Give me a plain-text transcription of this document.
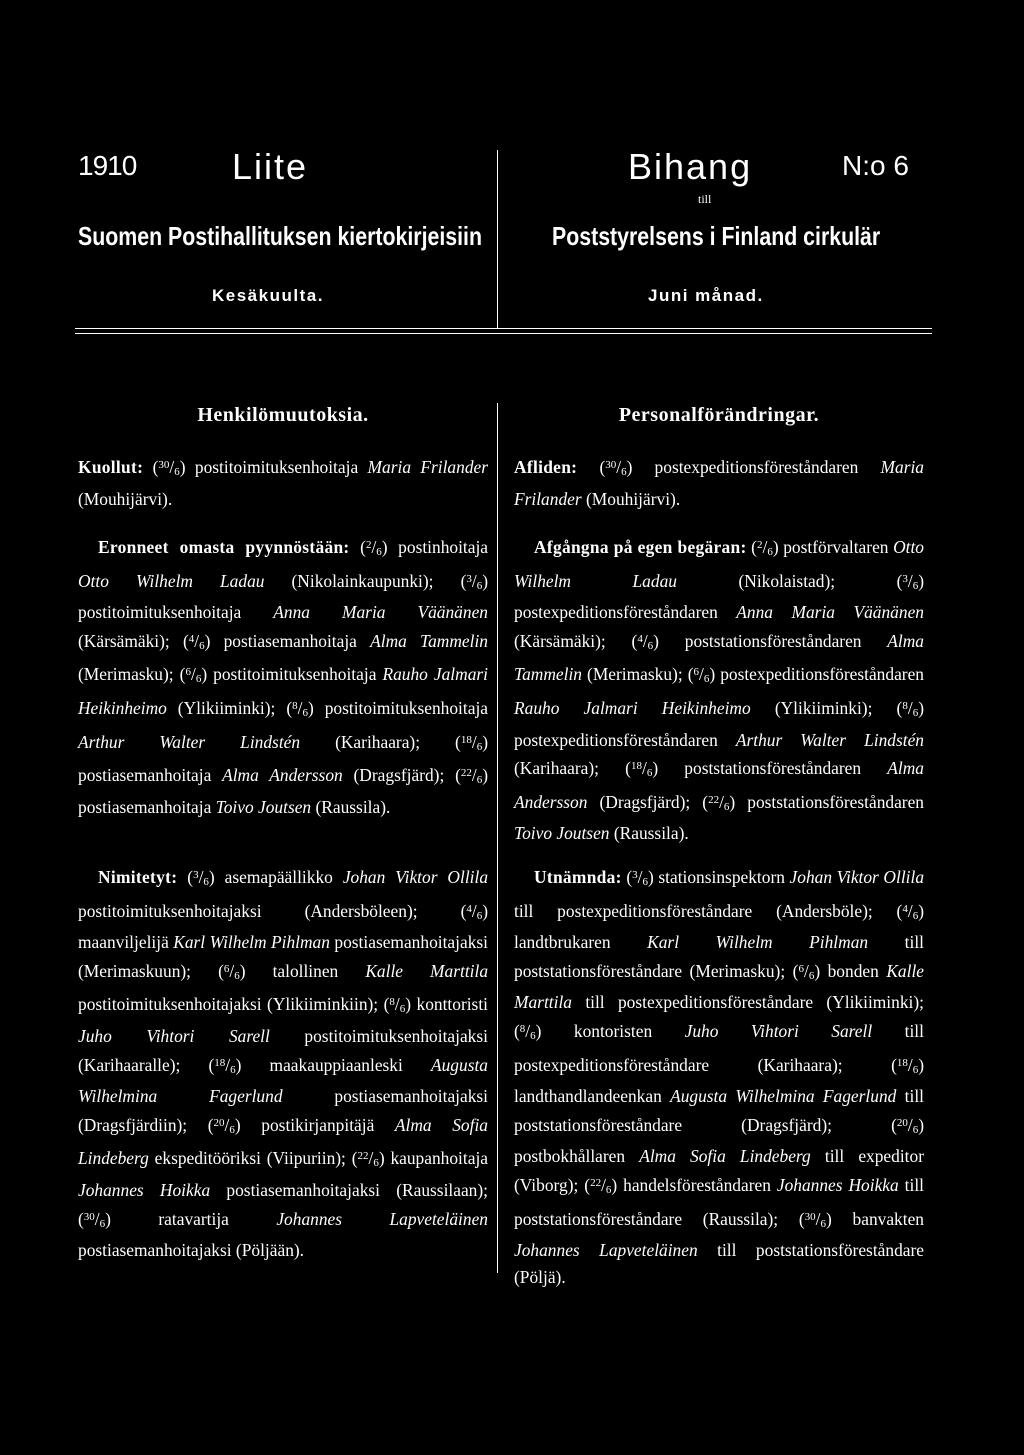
1910	Liite	Bihang	N:o 6
till
Suomen Postihallituksen kiertokirjeisiin	Poststyrelsens i Finland cirkulär
Kesäkuulta.	Juni månad.
Henkilömuutoksia.
Kuollut: ($^{30}$/6) postitoimituksenhoitaja Maria Frilander (Mouhijärvi).
Eronneet omasta pyynnöstään: ($^2$/6) postinhoitaja Otto Wilhelm Ladau (Nikolainkaupunki); ($^3$/6) postitoimituksenhoitaja Anna Maria Väänänen (Kärsämäki); ($^4$/6) postiasemanhoitaja Alma Tammelin (Merimasku); ($^6$/6) postitoimituksenhoitaja Rauho Jalmari Heikinheimo (Ylikiiminki); ($^8$/6) postitoimituksenhoitaja Arthur Walter Lindstén (Karihaara); ($^{18}$/6) postiasemanhoitaja Alma Andersson (Dragsfjärd); ($^{22}$/6) postiasemanhoitaja Toivo Joutsen (Raussila).
Nimitetyt: ($^3$/6) asemapäällikko Johan Viktor Ollila postitoimituksenhoitajaksi (Andersböleen); ($^4$/6) maanviljelijä Karl Wilhelm Pihlman postiasemanhoitajaksi (Merimaskuun); ($^6$/6) talollinen Kalle Marttila postitoimituksenhoitajaksi (Ylikiiminkiin); ($^8$/6) konttoristi Juho Vihtori Sarell postitoimituksenhoitajaksi (Karihaaralle); ($^{18}$/6) maakauppiaanleski Augusta Wilhelmina Fagerlund postiasemanhoitajaksi (Dragsfjärdiin); ($^{20}$/6) postikirjanpitäjä Alma Sofia Lindeberg ekspeditööriksi (Viipuriin); ($^{22}$/6) kaupanhoitaja Johannes Hoikka postiasemanhoitajaksi (Raussilaan); ($^{30}$/6) ratavartija Johannes Lapveteläinen postiasemanhoitajaksi (Pöljään).
Personalförändringar.
Afliden: ($^{30}$/6) postexpeditionsföreståndaren Maria Frilander (Mouhijärvi).
Afgångna på egen begäran: ($^2$/6) postförvaltaren Otto Wilhelm Ladau (Nikolaistad); ($^3$/6) postexpeditionsföreståndaren Anna Maria Väänänen (Kärsämäki); ($^4$/6) poststationsföreståndaren Alma Tammelin (Merimasku); ($^6$/6) postexpeditionsföreståndaren Rauho Jalmari Heikinheimo (Ylikiiminki); ($^8$/6) postexpeditionsföreståndaren Arthur Walter Lindstén (Karihaara); ($^{18}$/6) poststationsföreståndaren Alma Andersson (Dragsfjärd); ($^{22}$/6) poststationsföreståndaren Toivo Joutsen (Raussila).
Utnämnda: ($^3$/6) stationsinspektorn Johan Viktor Ollila till postexpeditionsföreståndare (Andersböle); ($^4$/6) landtbrukaren Karl Wilhelm Pihlman till poststationsföreståndare (Merimasku); ($^6$/6) bonden Kalle Marttila till postexpeditionsföreståndare (Ylikiiminki); ($^8$/6) kontoristen Juho Vihtori Sarell till postexpeditionsföreståndare (Karihaara); ($^{18}$/6) landthandlandeenkan Augusta Wilhelmina Fagerlund till poststationsföreståndare (Dragsfjärd); ($^{20}$/6) postbokhållaren Alma Sofia Lindeberg till expeditor (Viborg); ($^{22}$/6) handelsföreståndaren Johannes Hoikka till poststationsföreståndare (Raussila); ($^{30}$/6) banvakten Johannes Lapveteläinen till poststationsföreståndare (Pöljä).
